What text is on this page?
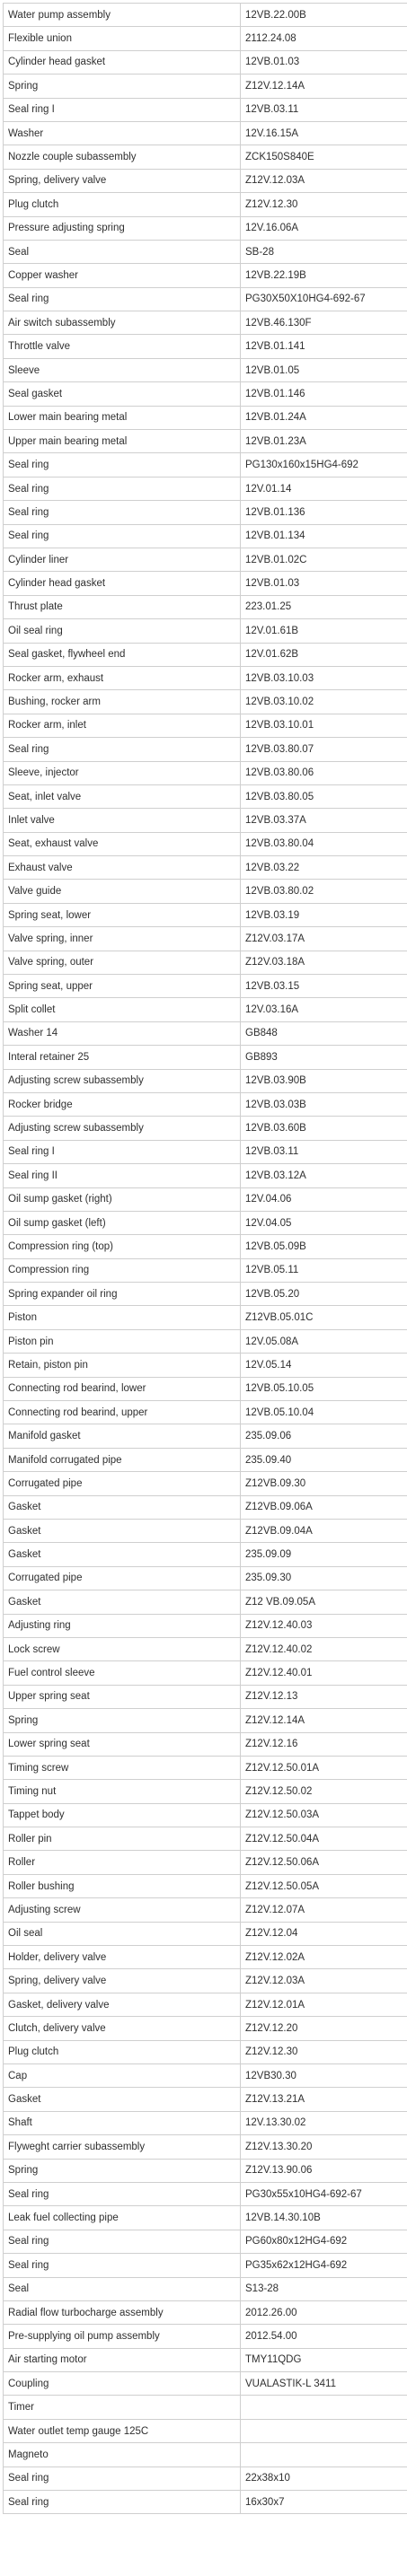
Water pump assembly	12VB.22.00B
Flexible union	2112.24.08
Cylinder head gasket	12VB.01.03
Spring	Z12V.12.14A
Seal ring I	12VB.03.11
Washer	12V.16.15A
Nozzle couple subassembly	ZCK150S840E
Spring, delivery valve	Z12V.12.03A
Plug clutch	Z12V.12.30
Pressure adjusting spring	12V.16.06A
Seal	SB-28
Copper washer	12VB.22.19B
Seal ring	PG30X50X10HG4-692-67
Air switch subassembly	12VB.46.130F
Throttle valve	12VB.01.141
Sleeve	12VB.01.05
Seal gasket	12VB.01.146
Lower main bearing metal	12VB.01.24A
Upper main bearing metal	12VB.01.23A
Seal ring	PG130x160x15HG4-692
Seal ring	12V.01.14
Seal ring	12VB.01.136
Seal ring	12VB.01.134
Cylinder liner	12VB.01.02C
Cylinder head gasket	12VB.01.03
Thrust plate	223.01.25
Oil seal ring	12V.01.61B
Seal gasket, flywheel end	12V.01.62B
Rocker arm, exhaust	12VB.03.10.03
Bushing, rocker arm	12VB.03.10.02
Rocker arm, inlet	12VB.03.10.01
Seal ring	12VB.03.80.07
Sleeve, injector	12VB.03.80.06
Seat, inlet valve	12VB.03.80.05
Inlet valve	12VB.03.37A
Seat, exhaust valve	12VB.03.80.04
Exhaust valve	12VB.03.22
Valve guide	12VB.03.80.02
Spring seat, lower	12VB.03.19
Valve spring, inner	Z12V.03.17A
Valve spring, outer	Z12V.03.18A
Spring seat, upper	12VB.03.15
Split collet	12V.03.16A
Washer 14	GB848
Interal retainer 25	GB893
Adjusting screw subassembly	12VB.03.90B
Rocker bridge	12VB.03.03B
Adjusting screw subassembly	12VB.03.60B
Seal ring I	12VB.03.11
Seal ring II	12VB.03.12A
Oil sump gasket (right)	12V.04.06
Oil sump gasket (left)	12V.04.05
Compression ring (top)	12VB.05.09B
Compression ring	12VB.05.11
Spring expander oil ring	12VB.05.20
Piston	Z12VB.05.01C
Piston pin	12V.05.08A
Retain, piston pin	12V.05.14
Connecting rod bearind, lower	12VB.05.10.05
Connecting rod bearind, upper	12VB.05.10.04
Manifold gasket	235.09.06
Manifold corrugated pipe	235.09.40
Corrugated pipe	Z12VB.09.30
Gasket	Z12VB.09.06A
Gasket	Z12VB.09.04A
Gasket	235.09.09
Corrugated pipe	235.09.30
Gasket	Z12 VB.09.05A
Adjusting ring	Z12V.12.40.03
Lock screw	Z12V.12.40.02
Fuel control sleeve	Z12V.12.40.01
Upper spring seat	Z12V.12.13
Spring	Z12V.12.14A
Lower spring seat	Z12V.12.16
Timing screw	Z12V.12.50.01A
Timing nut	Z12V.12.50.02
Tappet body	Z12V.12.50.03A
Roller pin	Z12V.12.50.04A
Roller	Z12V.12.50.06A
Roller bushing	Z12V.12.50.05A
Adjusting screw	Z12V.12.07A
Oil seal	Z12V.12.04
Holder, delivery valve	Z12V.12.02A
Spring, delivery valve	Z12V.12.03A
Gasket, delivery valve	Z12V.12.01A
Clutch, delivery valve	Z12V.12.20
Plug clutch	Z12V.12.30
Cap	12VB30.30
Gasket	Z12V.13.21A
Shaft	12V.13.30.02
Flyweght carrier subassembly	Z12V.13.30.20
Spring	Z12V.13.90.06
Seal ring	PG30x55x10HG4-692-67
Leak fuel collecting pipe	12VB.14.30.10B
Seal ring	PG60x80x12HG4-692
Seal ring	PG35x62x12HG4-692
Seal	S13-28
Radial flow turbocharge assembly	2012.26.00
Pre-supplying oil pump assembly	2012.54.00
Air starting motor	TMY11QDG
Coupling	VUALASTIK-L 3411
Timer	
Water outlet temp gauge 125C	
Magneto	
Seal ring	22x38x10
Seal ring	16x30x7
